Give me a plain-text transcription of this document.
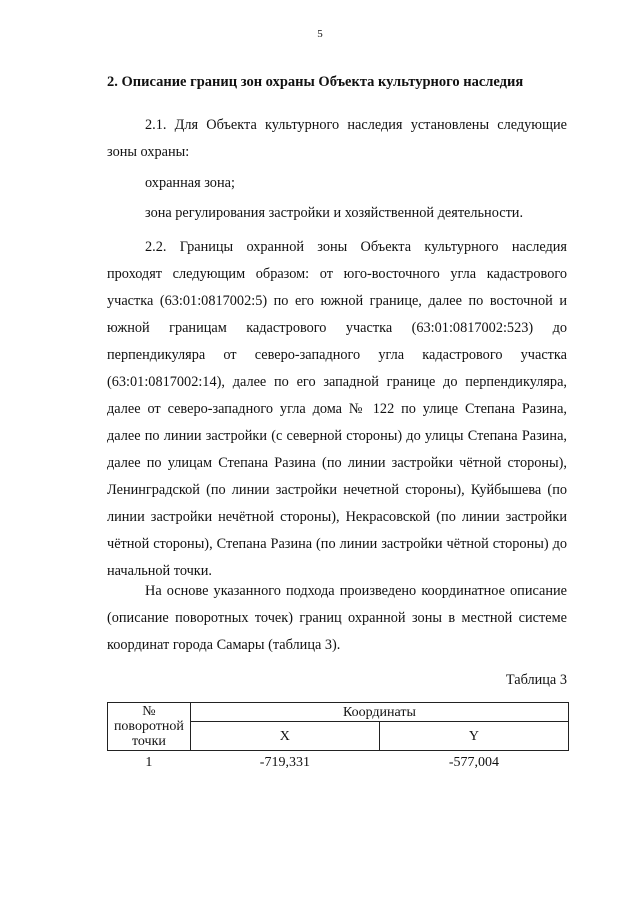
5
2. Описание границ зон охраны Объекта культурного наследия
2.1. Для Объекта культурного наследия установлены следующие зоны охраны:
охранная зона;
зона регулирования застройки и хозяйственной деятельности.
2.2. Границы охранной зоны Объекта культурного наследия проходят следующим образом: от юго-восточного угла кадастрового участка (63:01:0817002:5) по его южной границе, далее по восточной и южной границам кадастрового участка (63:01:0817002:523) до перпендикуляра от северо-западного угла кадастрового участка (63:01:0817002:14), далее по его западной границе до перпендикуляра, далее от северо-западного угла дома № 122 по улице Степана Разина, далее по линии застройки (с северной стороны) до улицы Степана Разина, далее по улицам Степана Разина (по линии застройки чётной стороны), Ленинградской (по линии застройки нечетной стороны), Куйбышева (по линии застройки нечётной стороны), Некрасовской (по линии застройки чётной стороны), Степана Разина (по линии застройки чётной стороны) до начальной точки.
На основе указанного подхода произведено координатное описание (описание поворотных точек) границ охранной зоны в местной системе координат города Самары (таблица 3).
Таблица 3
№ поворотной точки	Координаты	
	X	Y
1	-719,331	-577,004
